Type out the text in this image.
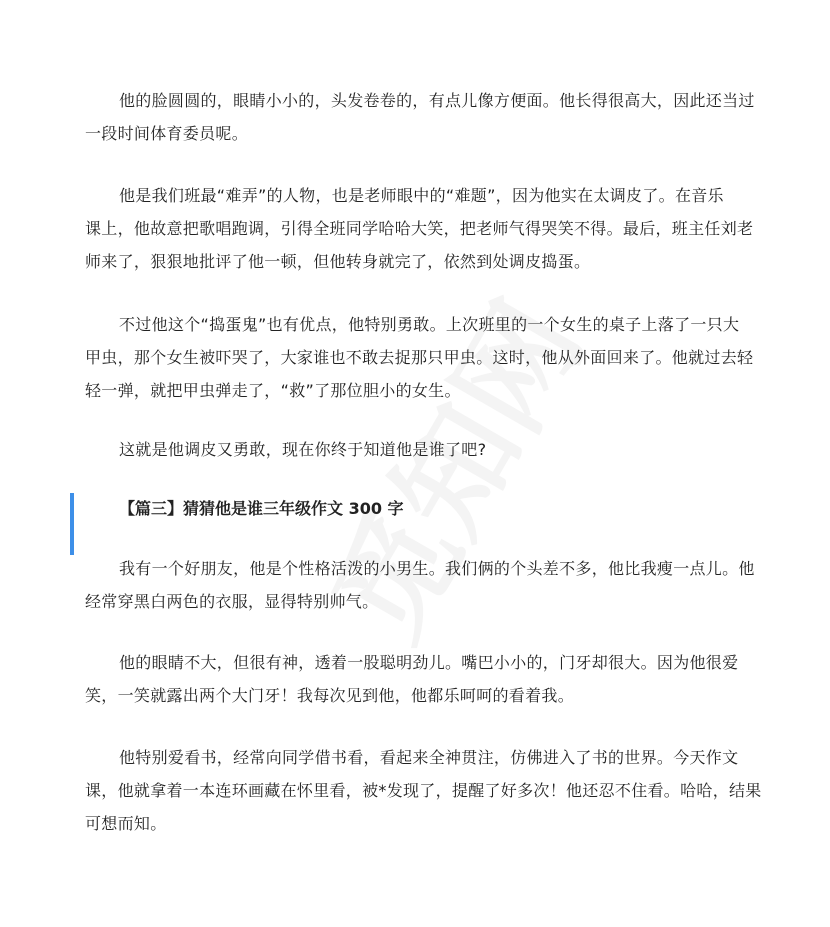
他的脸圆圆的，眼睛小小的，头发卷卷的，有点儿像方便面。他长得很高大，因此还当过
一段时间体育委员呢。
他是我们班最“难弄”的人物，也是老师眼中的“难题”，因为他实在太调皮了。在音乐
课上，他故意把歌唱跑调，引得全班同学哈哈大笑，把老师气得哭笑不得。最后，班主任刘老
师来了，狠狠地批评了他一顿，但他转身就完了，依然到处调皮捣蛋。
不过他这个“捣蛋鬼”也有优点，他特别勇敢。上次班里的一个女生的桌子上落了一只大
甲虫，那个女生被吓哭了，大家谁也不敢去捉那只甲虫。这时，他从外面回来了。他就过去轻
轻一弹，就把甲虫弹走了，“救”了那位胆小的女生。
这就是他调皮又勇敢，现在你终于知道他是谁了吧?
【篇三】猜猜他是谁三年级作文 300 字
我有一个好朋友，他是个性格活泼的小男生。我们俩的个头差不多，他比我瘦一点儿。他
经常穿黑白两色的衣服，显得特别帅气。
他的眼睛不大，但很有神，透着一股聪明劲儿。嘴巴小小的，门牙却很大。因为他很爱
笑，一笑就露出两个大门牙！我每次见到他，他都乐呵呵的看着我。
他特别爱看书，经常向同学借书看，看起来全神贯注，仿佛进入了书的世界。今天作文
课，他就拿着一本连环画藏在怀里看，被*发现了，提醒了好多次！他还忍不住看。哈哈，结果
可想而知。
